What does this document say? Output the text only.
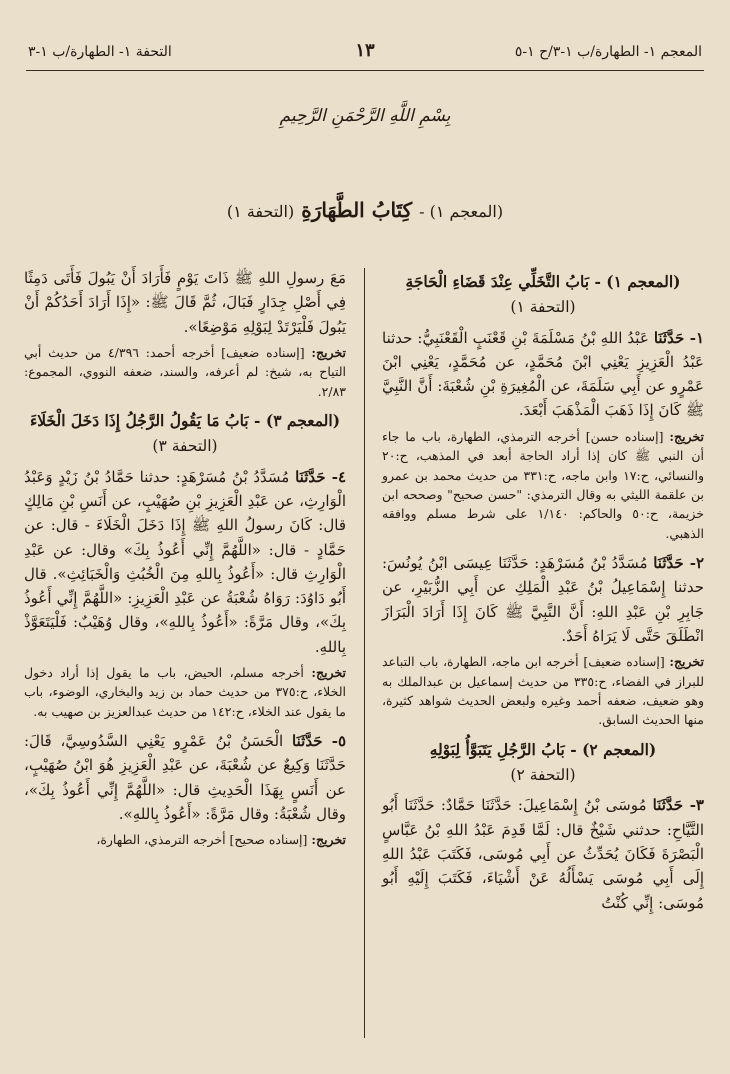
المعجم ١- الطهارة/ب ١-٣/ح ١-٥
١٣
التحفة ١- الطهارة/ب ١-٣
بِسْمِ اللَّهِ الرَّحْمَنِ الرَّحِيمِ
(المعجم ١) - كِتَابُ الطَّهَارَةِ (التحفة ١)
(المعجم ١) - بَابُ التَّخَلِّي عِنْدَ قَضَاءِ الْحَاجَةِ
(التحفة ١)

١- حَدَّثَنَا عَبْدُ اللهِ بْنُ مَسْلَمَةَ بْنِ قَعْنَبٍ الْقَعْنَبِيُّ: حدثنا عَبْدُ الْعَزِيزِ يَعْنِي ابْنَ مُحَمَّدٍ، عن مُحَمَّدٍ، يَعْنِي ابْنَ عَمْرٍو عن أَبِي سَلَمَةَ، عن الْمُغِيرَةِ بْنِ شُعْبَةَ: أَنَّ النَّبِيَّ ﷺ كَانَ إِذَا ذَهَبَ الْمَذْهَبَ أَبْعَدَ.

تخريج: [إسناده حسن] أخرجه الترمذي، الطهارة، باب ما جاء أن النبي ﷺ كان إذا أراد الحاجة أبعد في المذهب، ح:٢٠ والنسائي، ح:١٧ وابن ماجه، ح:٣٣١ من حديث محمد بن عمرو بن علقمة الليثي به وقال الترمذي: "حسن صحيح" وصححه ابن خزيمة، ح:٥٠ والحاكم: ١/١٤٠ على شرط مسلم ووافقه الذهبي.

٢- حَدَّثَنَا مُسَدَّدُ بْنُ مُسَرْهَدٍ: حَدَّثَنَا عِيسَى ابْنُ يُونُسَ: حدثنا إِسْمَاعِيلُ بْنُ عَبْدِ الْمَلِكِ عن أَبِي الزُّبَيْرِ، عن جَابِرِ بْنِ عَبْدِ اللهِ: أَنَّ النَّبِيَّ ﷺ كَانَ إِذَا أَرَادَ الْبَرَازَ انْطَلَقَ حَتَّى لَا يَرَاهُ أَحَدٌ.

تخريج: [إسناده ضعيف] أخرجه ابن ماجه، الطهارة، باب التباعد للبراز في الفضاء، ح:٣٣٥ من حديث إسماعيل بن عبدالملك به وهو ضعيف، ضعفه أحمد وغيره ولبعض الحديث شواهد كثيرة، منها الحديث السابق.
(المعجم ٢) - بَابُ الرَّجُلِ يَتَبَوَّأُ لِبَوْلِهِ
(التحفة ٢)

٣- حَدَّثَنَا مُوسَى بْنُ إِسْمَاعِيلَ: حَدَّثَنَا حَمَّادٌ: حَدَّثَنَا أَبُو التَّيَّاحِ: حدثني شَيْخٌ قال: لَمَّا قَدِمَ عَبْدُ اللهِ بْنُ عَبَّاسٍ الْبَصْرَةَ فَكَانَ يُحَدِّثُ عن أَبِي مُوسَى، فَكَتَبَ عَبْدُ اللهِ إِلَى أَبِي مُوسَى يَسْأَلُهُ عَنْ أَشْيَاءَ، فَكَتَبَ إِلَيْهِ أَبُو مُوسَى: إِنِّي كُنْتُ

مَعَ رسولِ اللهِ ﷺ ذَاتَ يَوْمٍ فَأَرَادَ أَنْ يَبُولَ فَأَتَى دَمِثًا فِي أَصْلِ جِدَارٍ فَبَالَ، ثُمَّ قَالَ ﷺ: «إِذَا أَرَادَ أَحَدُكُمْ أَنْ يَبُولَ فَلْيَرْتَدْ لِبَوْلِهِ مَوْضِعًا».

تخريج: [إسناده ضعيف] أخرجه أحمد: ٤/٣٩٦ من حديث أبي التياح به، شيخ: لم أعرفه، والسند، ضعفه النووي، المجموع: ٢/٨٣.
(المعجم ٣) - بَابُ مَا يَقُولُ الرَّجُلُ إِذَا دَخَلَ الْخَلَاءَ
(التحفة ٣)

٤- حَدَّثَنَا مُسَدَّدُ بْنُ مُسَرْهَدٍ: حدثنا حَمَّادُ بْنُ زَيْدٍ وَعَبْدُ الْوَارِثِ، عن عَبْدِ الْعَزِيزِ بْنِ صُهَيْبٍ، عن أَنَسِ بْنِ مَالِكٍ قال: كَانَ رسولُ اللهِ ﷺ إِذَا دَخَلَ الْخَلَاءَ - قال: عن حَمَّادٍ - قال: «اللَّهُمَّ إِنِّي أَعُوذُ بِكَ» وقال: عن عَبْدِ الْوَارِثِ قال: «أَعُوذُ بِاللهِ مِنَ الْخُبُثِ وَالْخَبَائِثِ». قال أَبُو دَاوُدَ: رَوَاهُ شُعْبَةُ عن عَبْدِ الْعَزِيزِ: «اللَّهُمَّ إِنِّي أَعُوذُ بِكَ»، وقال مَرَّةً: «أَعُوذُ بِاللهِ»، وقال وُهَيْبٌ: فَلْيَتَعَوَّذْ بِاللهِ.

تخريج: أخرجه مسلم، الحيض، باب ما يقول إذا أراد دخول الخلاء، ح:٣٧٥ من حديث حماد بن زيد والبخاري، الوضوء، باب ما يقول عند الخلاء، ح:١٤٢ من حديث عبدالعزيز بن صهيب به.

٥- حَدَّثَنَا الْحَسَنُ بْنُ عَمْرٍو يَعْنِي السَّدُوسِيَّ، قَالَ: حَدَّثَنَا وَكِيعٌ عن شُعْبَةَ، عن عَبْدِ الْعَزِيزِ هُوَ ابْنُ صُهَيْبٍ، عن أَنَسٍ بِهَذَا الْحَدِيثِ قال: «اللَّهُمَّ إِنِّي أَعُوذُ بِكَ»، وقال شُعْبَةُ: وقال مَرَّةً: «أَعُوذُ بِاللهِ».

تخريج: [إسناده صحيح] أخرجه الترمذي، الطهارة،
